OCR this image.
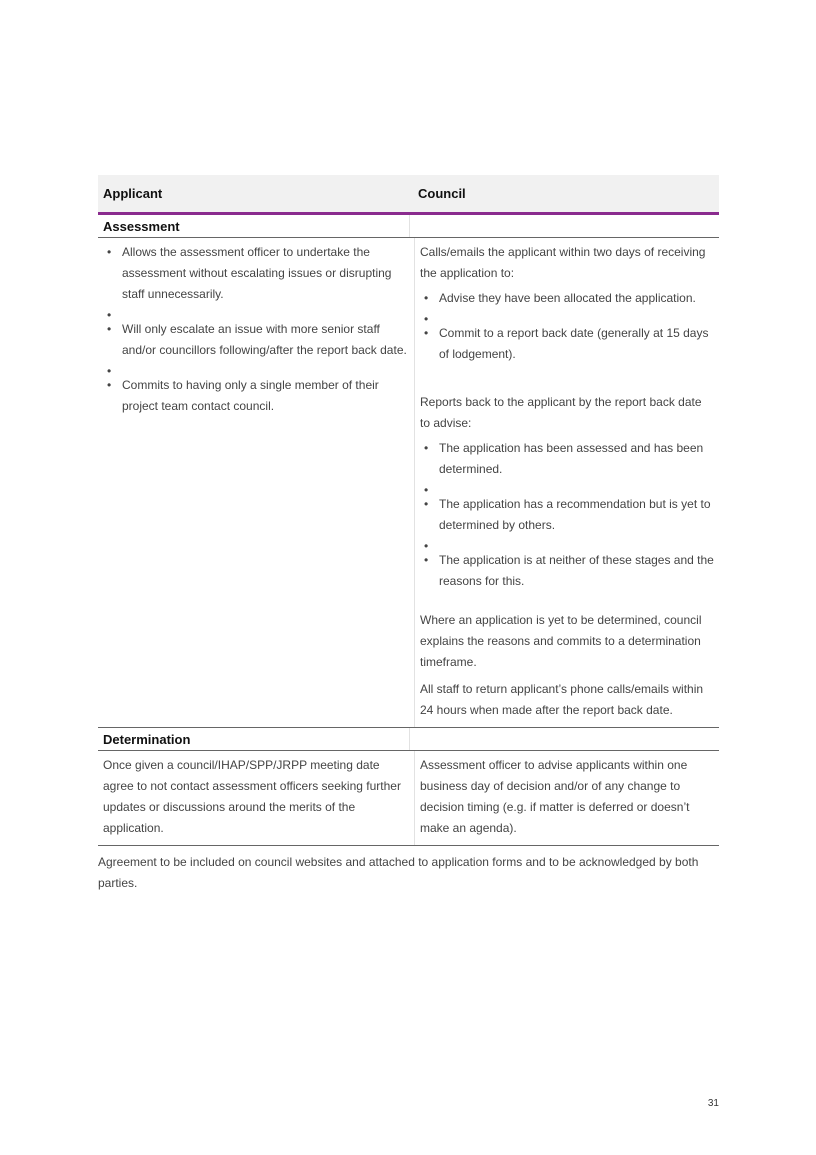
Applicant	Council
Assessment
• Allows the assessment officer to undertake the assessment without escalating issues or disrupting staff unnecessarily.
•
• Will only escalate an issue with more senior staff and/or councillors following/after the report back date.
•
• Commits to having only a single member of their project team contact council.
Calls/emails the applicant within two days of receiving the application to:
• Advise they have been allocated the application.
•
• Commit to a report back date (generally at 15 days of lodgement).
Reports back to the applicant by the report back date to advise:
• The application has been assessed and has been determined.
•
• The application has a recommendation but is yet to determined by others.
•
• The application is at neither of these stages and the reasons for this.
Where an application is yet to be determined, council explains the reasons and commits to a determination timeframe.
All staff to return applicant’s phone calls/emails within 24 hours when made after the report back date.
Determination
Once given a council/IHAP/SPP/JRPP meeting date agree to not contact assessment officers seeking further updates or discussions around the merits of the application.
Assessment officer to advise applicants within one business day of decision and/or of any change to decision timing (e.g. if matter is deferred or doesn’t make an agenda).
Agreement to be included on council websites and attached to application forms and to be acknowledged by both parties.
31
